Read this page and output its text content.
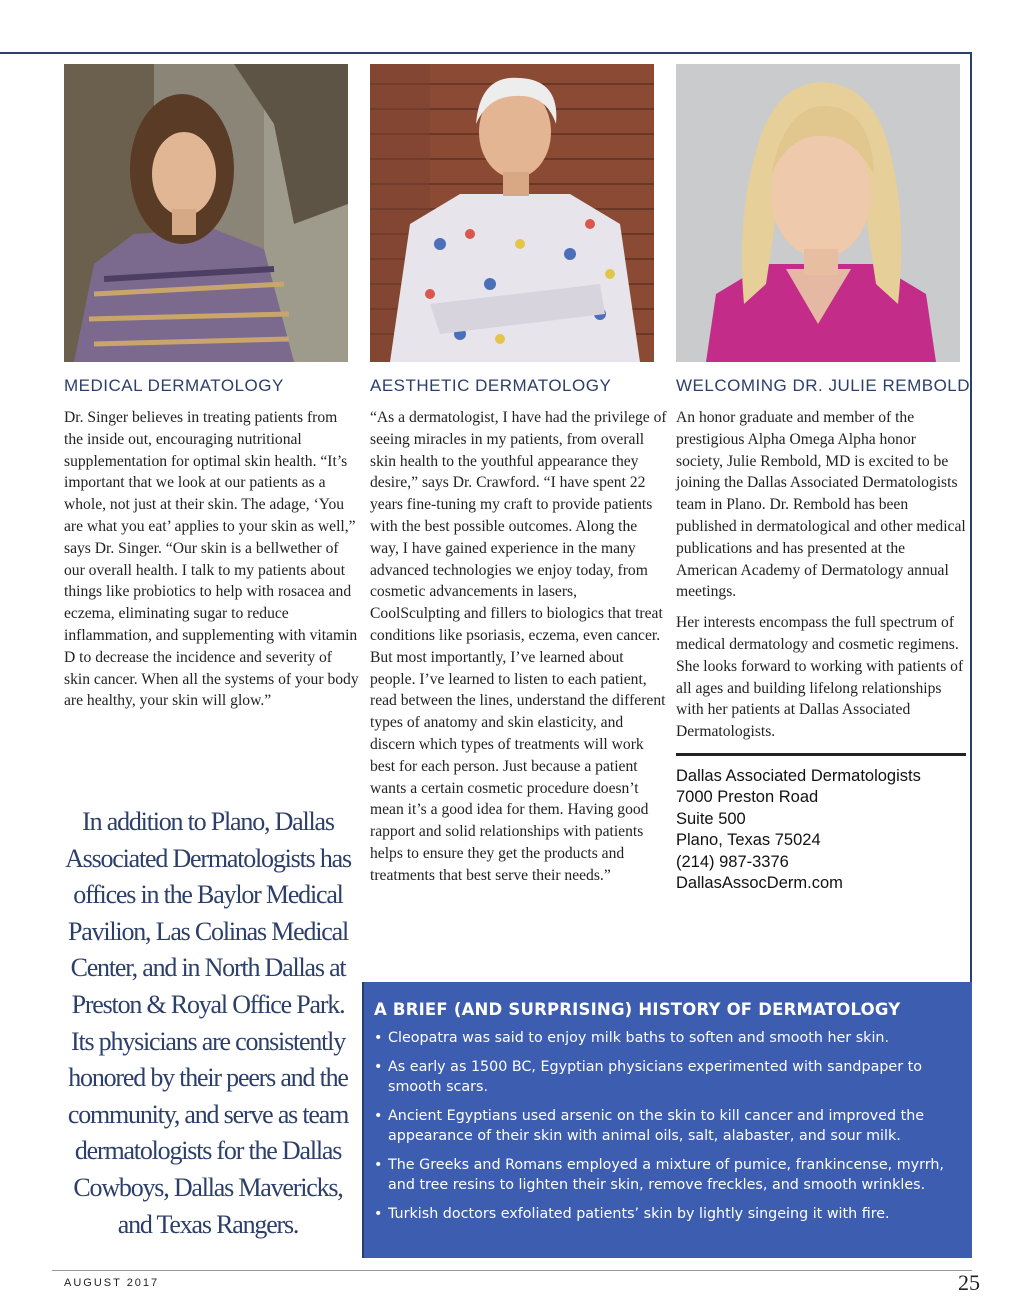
MEDICAL DERMATOLOGY

Dr. Singer believes in treating patients from the inside out, encouraging nutritional supplementation for optimal skin health. “It’s important that we look at our patients as a whole, not just at their skin. The adage, ‘You are what you eat’ applies to your skin as well,” says Dr. Singer. “Our skin is a bellwether of our overall health. I talk to my patients about things like probiotics to help with rosacea and eczema, eliminating sugar to reduce inflammation, and supplementing with vitamin D to decrease the incidence and severity of skin cancer. When all the systems of your body are healthy, your skin will glow.”

AESTHETIC DERMATOLOGY

“As a dermatologist, I have had the privilege of seeing miracles in my patients, from overall skin health to the youthful appearance they desire,” says Dr. Crawford. “I have spent 22 years fine-tuning my craft to provide patients with the best possible outcomes. Along the way, I have gained experience in the many advanced technologies we enjoy today, from cosmetic advancements in lasers, CoolSculpting and fillers to biologics that treat conditions like psoriasis, eczema, even cancer. But most importantly, I’ve learned about people. I’ve learned to listen to each patient, read between the lines, understand the different types of anatomy and skin elasticity, and discern which types of treatments will work best for each person. Just because a patient wants a certain cosmetic procedure doesn’t mean it’s a good idea for them. Having good rapport and solid relationships with patients helps to ensure they get the products and treatments that best serve their needs.”

WELCOMING DR. JULIE REMBOLD

An honor graduate and member of the prestigious Alpha Omega Alpha honor society, Julie Rembold, MD is excited to be joining the Dallas Associated Dermatologists team in Plano. Dr. Rembold has been published in dermatological and other medical publications and has presented at the American Academy of Dermatology annual meetings.

Her interests encompass the full spectrum of medical dermatology and cosmetic regimens. She looks forward to working with patients of all ages and building lifelong relationships with her patients at Dallas Associated Dermatologists.

Dallas Associated Dermatologists
7000 Preston Road
Suite 500
Plano, Texas 75024
(214) 987-3376
DallasAssocDerm.com
In addition to Plano, Dallas Associated Dermatologists has offices in the Baylor Medical Pavilion, Las Colinas Medical Center, and in North Dallas at Preston & Royal Office Park. Its physicians are consistently honored by their peers and the community, and serve as team dermatologists for the Dallas Cowboys, Dallas Mavericks, and Texas Rangers.
A BRIEF (AND SURPRISING) HISTORY OF DERMATOLOGY
• Cleopatra was said to enjoy milk baths to soften and smooth her skin.
• As early as 1500 BC, Egyptian physicians experimented with sandpaper to smooth scars.
• Ancient Egyptians used arsenic on the skin to kill cancer and improved the appearance of their skin with animal oils, salt, alabaster, and sour milk.
• The Greeks and Romans employed a mixture of pumice, frankincense, myrrh, and tree resins to lighten their skin, remove freckles, and smooth wrinkles.
• Turkish doctors exfoliated patients’ skin by lightly singeing it with fire.
AUGUST 2017	25
